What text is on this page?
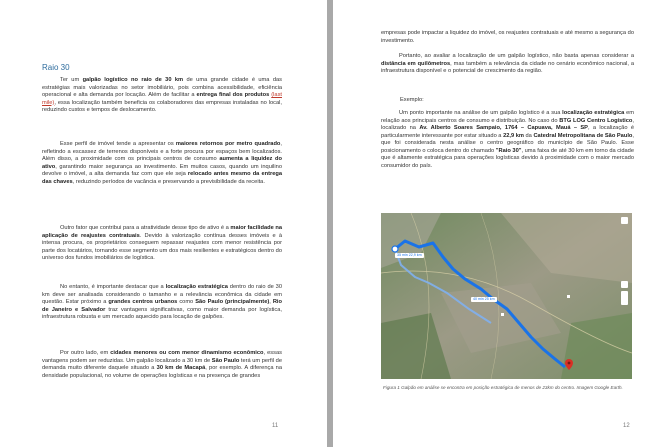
Raio 30
Ter um galpão logístico no raio de 30 km de uma grande cidade é uma das estratégias mais valorizadas no setor imobiliário, pois combina acessibilidade, eficiência operacional e alta demanda por locação. Além de facilitar a entrega final dos produtos (last mile), essa localização também beneficia os colaboradores das empresas instaladas no local, reduzindo custos e tempos de deslocamento.
Esse perfil de imóvel tende a apresentar os maiores retornos por metro quadrado, refletindo a escassez de terrenos disponíveis e a forte procura por espaços bem localizados. Além disso, a proximidade com os principais centros de consumo aumenta a liquidez do ativo, garantindo maior segurança ao investimento. Em muitos casos, quando um inquilino devolve o imóvel, a alta demanda faz com que ele seja relocado antes mesmo da entrega das chaves, reduzindo períodos de vacância e preservando a previsibilidade da receita.
Outro fator que contribui para a atratividade desse tipo de ativo é a maior facilidade na aplicação de reajustes contratuais. Devido à valorização contínua desses imóveis e à intensa procura, os proprietários conseguem repassar reajustes com menor resistência por parte dos locatários, tornando esse segmento um dos mais resilientes e estratégicos dentro do universo dos fundos imobiliários de logística.
No entanto, é importante destacar que a localização estratégica dentro do raio de 30 km deve ser analisada considerando o tamanho e a relevância econômica da cidade em questão. Estar próximo a grandes centros urbanos como São Paulo (principalmente), Rio de Janeiro e Salvador traz vantagens significativas, como maior demanda por logística, infraestrutura robusta e um mercado aquecido para locação de galpões.
Por outro lado, em cidades menores ou com menor dinamismo econômico, essas vantagens podem ser reduzidas. Um galpão localizado a 30 km de São Paulo terá um perfil de demanda muito diferente daquele situado a 30 km de Macapá, por exemplo. A diferença na densidade populacional, no volume de operações logísticas e na presença de grandes
11
empresas pode impactar a liquidez do imóvel, os reajustes contratuais e até mesmo a segurança do investimento.
Portanto, ao avaliar a localização de um galpão logístico, não basta apenas considerar a distância em quilômetros, mas também a relevância da cidade no cenário econômico nacional, a infraestrutura disponível e o potencial de crescimento da região.
Exemplo:
Um ponto importante na análise de um galpão logístico é a sua localização estratégica em relação aos principais centros de consumo e distribuição. No caso do BTG LOG Centro Logístico, localizado na Av. Alberto Soares Sampaio, 1764 – Capuava, Mauá – SP, a localização é particularmente interessante por estar situado a 22,9 km da Catedral Metropolitana de São Paulo, que foi considerada nesta análise o centro geográfico do município de São Paulo. Esse posicionamento o coloca dentro do chamado "Raio 30", uma faixa de até 30 km em torno da cidade que é altamente estratégica para operações logísticas devido à proximidade com o maior mercado consumidor do país.
35 min 22,9 km
40 min 25 km
Figura 1 Galpão em análise se encontra em posição estratégica de menos de 23km do centro. Imagem Google Earth.
12
